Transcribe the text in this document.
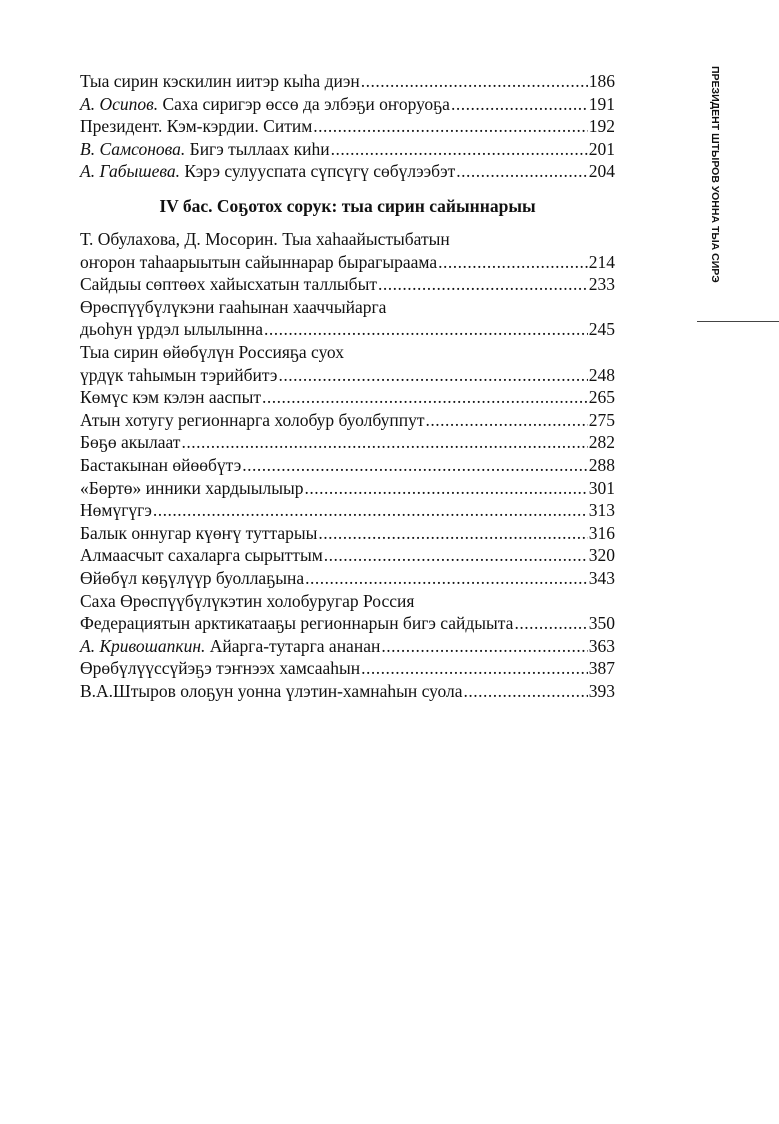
ПРЕЗИДЕНТ ШТЫРОВ УОННА ТЫА СИРЭ
Тыа сирин кэскилин иитэр кыhа диэн .....	186
А. Осипов.
Саха сиригэр өссө да элбэҕи оҥоруоҕа .....	191
Президент. Кэм-кэрдии. Ситим .....	192
В. Самсонова.
Бигэ тыллаах киhи .....	201
А. Габышева.
Кэрэ сулууспата сүпсүгү сөбүлээбэт .....	204
IV бас. Соҕотох сорук: тыа сирин сайыннарыы
Т. Обулахова, Д. Мосорин. Тыа хаhаайыстыбатын
оҥорон таhаарыытын сайыннарар бырагыраама .....	214
Сайдыы сөптөөх хайысхатын таллыбыт .....	233
Өрөспүүбүлүкэни гааhынан хааччыйарга
дьоhун үрдэл ылылынна .....	245
Тыа сирин өйөбүлүн Россияҕа суох
үрдүк таhымын тэрийбитэ .....	248
Көмүс кэм кэлэн ааспыт .....	265
Атын хотугу регионнарга холобур буолбуппут .....	275
Бөҕө акылаат .....	282
Бастакынан өйөөбүтэ .....	288
«Бөртө» инники хардыылыыр .....	301
Нөмүгүгэ .....	313
Балык оннугар күөҥү туттарыы .....	316
Алмаасчыт сахаларга сырыттым .....	320
Өйөбүл көҕүлүүр буоллаҕына .....	343
Саха Өрөспүүбүлүкэтин холобуругар Россия
Федерациятын арктикатааҕы регионнарын бигэ сайдыыта .....	350
А. Кривошапкин.
Айарга-тутарга ананан .....	363
Өрөбүлүүссүйэҕэ тэҥнээх хамсааhын .....	387
В.А.Штыров олоҕун уонна үлэтин-хамнаhын суола .....	393
